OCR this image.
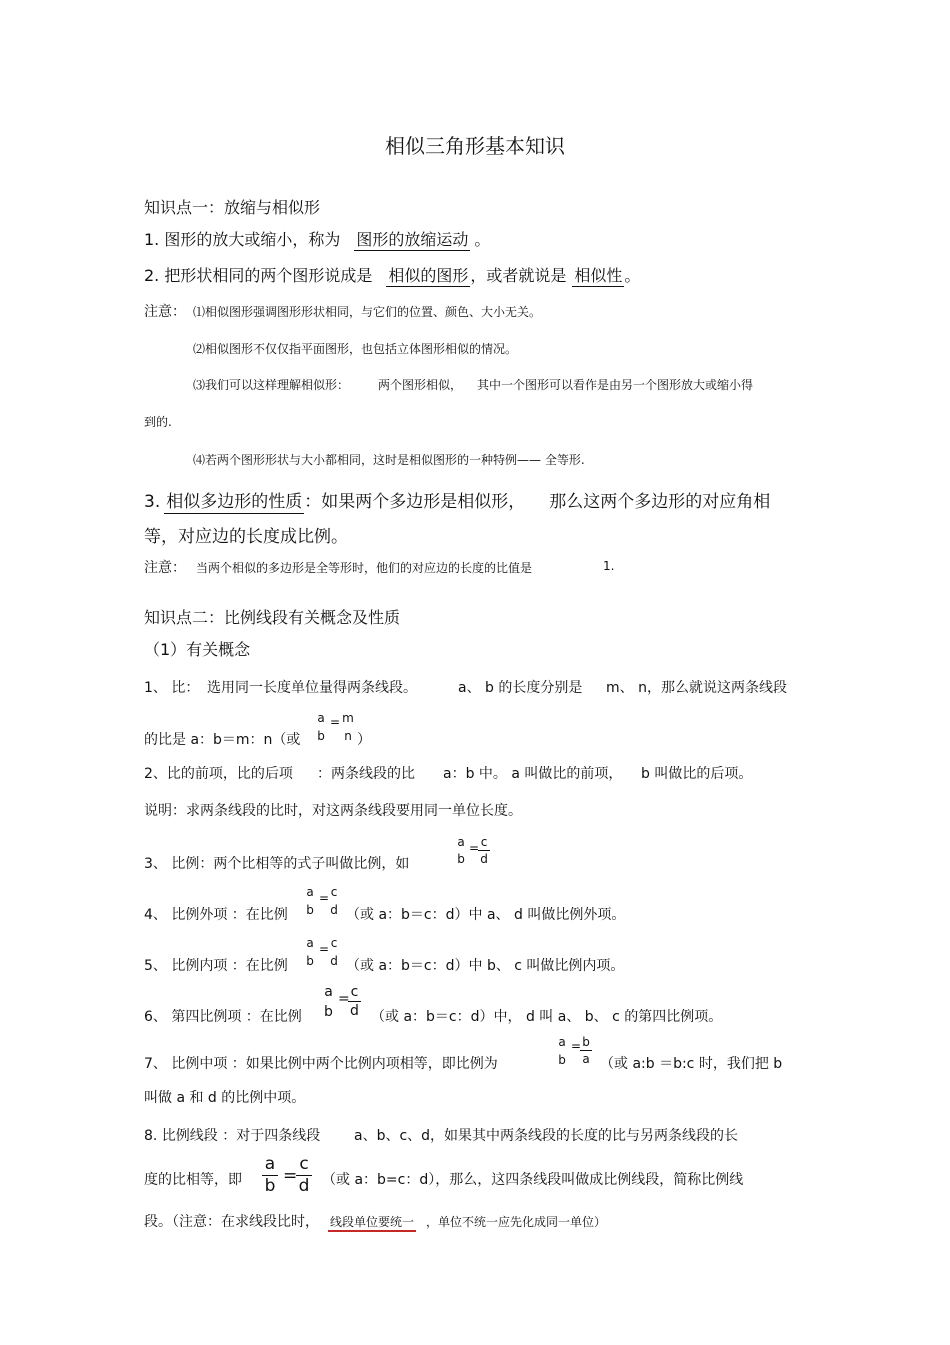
相似三角形基本知识
知识点一：放缩与相似形
1. 图形的放大或缩小，称为 图形的放缩运动 。
2. 把形状相同的两个图形说成是 相似的图形 ，或者就说是 相似性 。
注意： ⑴相似图形强调图形形状相同，与它们的位置、颜色、大小无关。
⑵相似图形不仅仅指平面图形，也包括立体图形相似的情况。
⑶我们可以这样理解相似形： 两个图形相似， 其中一个图形可以看作是由另一个图形放大或缩小得
到的.
⑷若两个图形形状与大小都相同，这时是相似图形的一种特例—— 全等形.
3. 相似多边形的性质 ：如果两个多边形是相似形， 那么这两个多边形的对应角相
等，对应边的长度成比例。
注意： 当两个相似的多边形是全等形时，他们的对应边的长度的比值是	1.
知识点二：比例线段有关概念及性质
（1）有关概念
1、 比： 选用同一长度单位量得两条线段。	a、 b 的长度分别是 m、 n，那么就说这两条线段
的比是 a：b＝m：n（或
a
b
= m
n ）
2、比的前项，比的后项 ：两条线段的比 a：b 中。 a 叫做比的前项， b 叫做比的后项。
说明：求两条线段的比时，对这两条线段要用同一单位长度。
3、 比例：两个比相等的式子叫做比例，如
a
b
= c
d
4、 比例外项 ：在比例
a
b
= c
d （或 a：b＝c：d）中 a、 d 叫做比例外项。
5、 比例内项 ：在比例
a
b
= c
d （或 a：b＝c：d）中 b、 c 叫做比例内项。
6、 第四比例项 ：在比例
a
b
= c
d （或 a：b＝c：d）中， d 叫 a、 b、 c 的第四比例项。
7、 比例中项 ：如果比例中两个比例内项相等，即比例为
a
b
= b
a （或 a:b ＝b:c 时，我们把 b
叫做 a 和 d 的比例中项。
8. 比例线段 ：对于四条线段 a、b、c、d，如果其中两条线段的长度的比与另两条线段的长
度的比相等，即
a
b =
c
d （或 a：b=c：d），那么，这四条线段叫做成比例线段，简称比例线
段。（注意：在求线段比时， 线段单位要统一 ，单位不统一应先化成同一单位）
